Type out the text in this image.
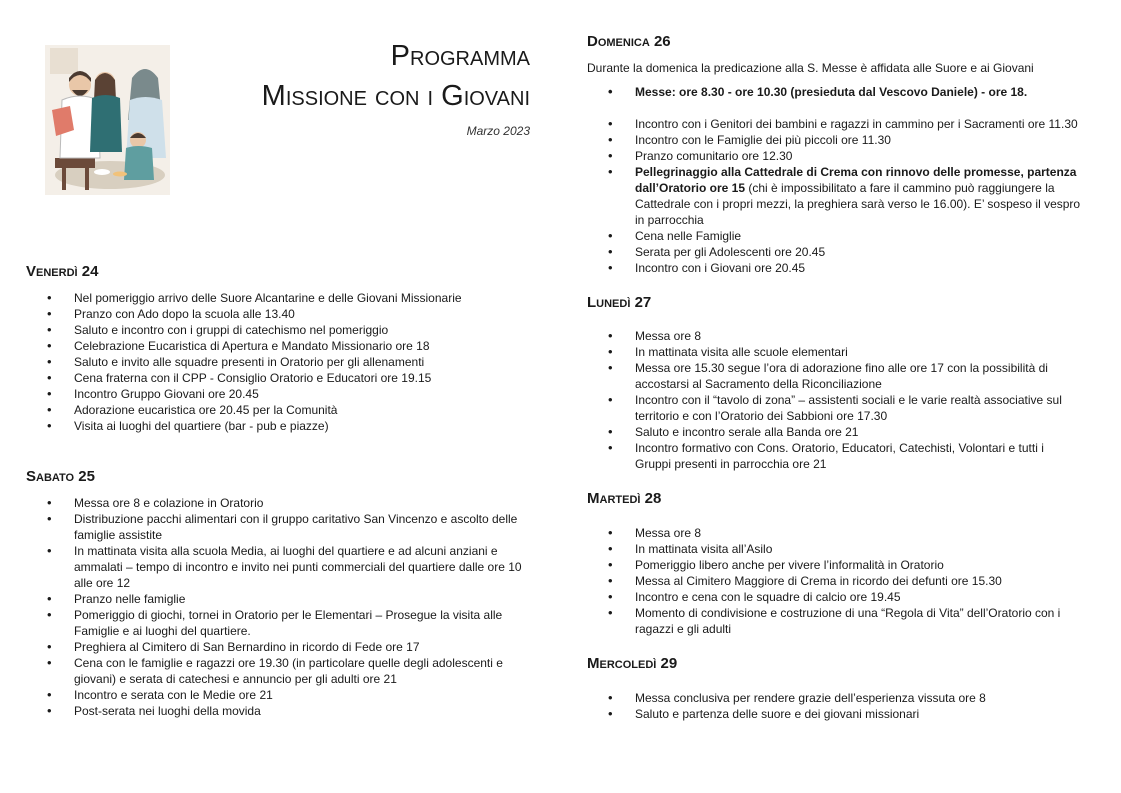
Programma
Missione con i Giovani
Marzo 2023
Venerdì 24
• Nel pomeriggio arrivo delle Suore Alcantarine e delle Giovani Missionarie
• Pranzo con Ado dopo la scuola alle 13.40
• Saluto e incontro con i gruppi di catechismo nel pomeriggio
• Celebrazione Eucaristica di Apertura e Mandato Missionario ore 18
• Saluto e invito alle squadre presenti in Oratorio per gli allenamenti
• Cena fraterna con il CPP - Consiglio Oratorio e Educatori ore 19.15
• Incontro Gruppo Giovani ore 20.45
• Adorazione eucaristica ore 20.45 per la Comunità
• Visita ai luoghi del quartiere (bar - pub e piazze)
Sabato 25
• Messa ore 8 e colazione in Oratorio
• Distribuzione pacchi alimentari con il gruppo caritativo San Vincenzo e ascolto delle famiglie assistite
• In mattinata visita alla scuola Media, ai luoghi del quartiere e ad alcuni anziani e ammalati – tempo di incontro e invito nei punti commerciali del quartiere dalle ore 10 alle ore 12
• Pranzo nelle famiglie
• Pomeriggio di giochi, tornei in Oratorio per le Elementari – Prosegue la visita alle Famiglie e ai luoghi del quartiere.
• Preghiera al Cimitero di San Bernardino in ricordo di Fede ore 17
• Cena con le famiglie e ragazzi ore 19.30 (in particolare quelle degli adolescenti e giovani) e serata di catechesi e annuncio per gli adulti ore 21
• Incontro e serata con le Medie ore 21
• Post-serata nei luoghi della movida
Domenica 26
Durante la domenica la predicazione alla S. Messe è affidata alle Suore e ai Giovani
• Messe: ore 8.30 - ore 10.30 (presieduta dal Vescovo Daniele) - ore 18.
• Incontro con i Genitori dei bambini e ragazzi in cammino per i Sacramenti ore 11.30
• Incontro con le Famiglie dei più piccoli ore 11.30
• Pranzo comunitario ore 12.30
• Pellegrinaggio alla Cattedrale di Crema con rinnovo delle promesse, partenza dall’Oratorio ore 15 (chi è impossibilitato a fare il cammino può raggiungere la Cattedrale con i propri mezzi, la preghiera sarà verso le 16.00). E’ sospeso il vespro in parrocchia
• Cena nelle Famiglie
• Serata per gli Adolescenti ore 20.45
• Incontro con i Giovani ore 20.45
Lunedì 27
• Messa ore 8
• In mattinata visita alle scuole elementari
• Messa ore 15.30 segue l’ora di adorazione fino alle ore 17 con la possibilità di accostarsi al Sacramento della Riconciliazione
• Incontro con il “tavolo di zona” – assistenti sociali e le varie realtà associative sul territorio e con l’Oratorio dei Sabbioni ore 17.30
• Saluto e incontro serale alla Banda ore 21
• Incontro formativo con Cons. Oratorio, Educatori, Catechisti, Volontari e tutti i Gruppi presenti in parrocchia ore 21
Martedì 28
• Messa ore 8
• In mattinata visita all’Asilo
• Pomeriggio libero anche per vivere l’informalità in Oratorio
• Messa al Cimitero Maggiore di Crema in ricordo dei defunti ore 15.30
• Incontro e cena con le squadre di calcio ore 19.45
• Momento di condivisione e costruzione di una “Regola di Vita” dell’Oratorio con i ragazzi e gli adulti
Mercoledì 29
• Messa conclusiva per rendere grazie dell’esperienza vissuta ore 8
• Saluto e partenza delle suore e dei giovani missionari
